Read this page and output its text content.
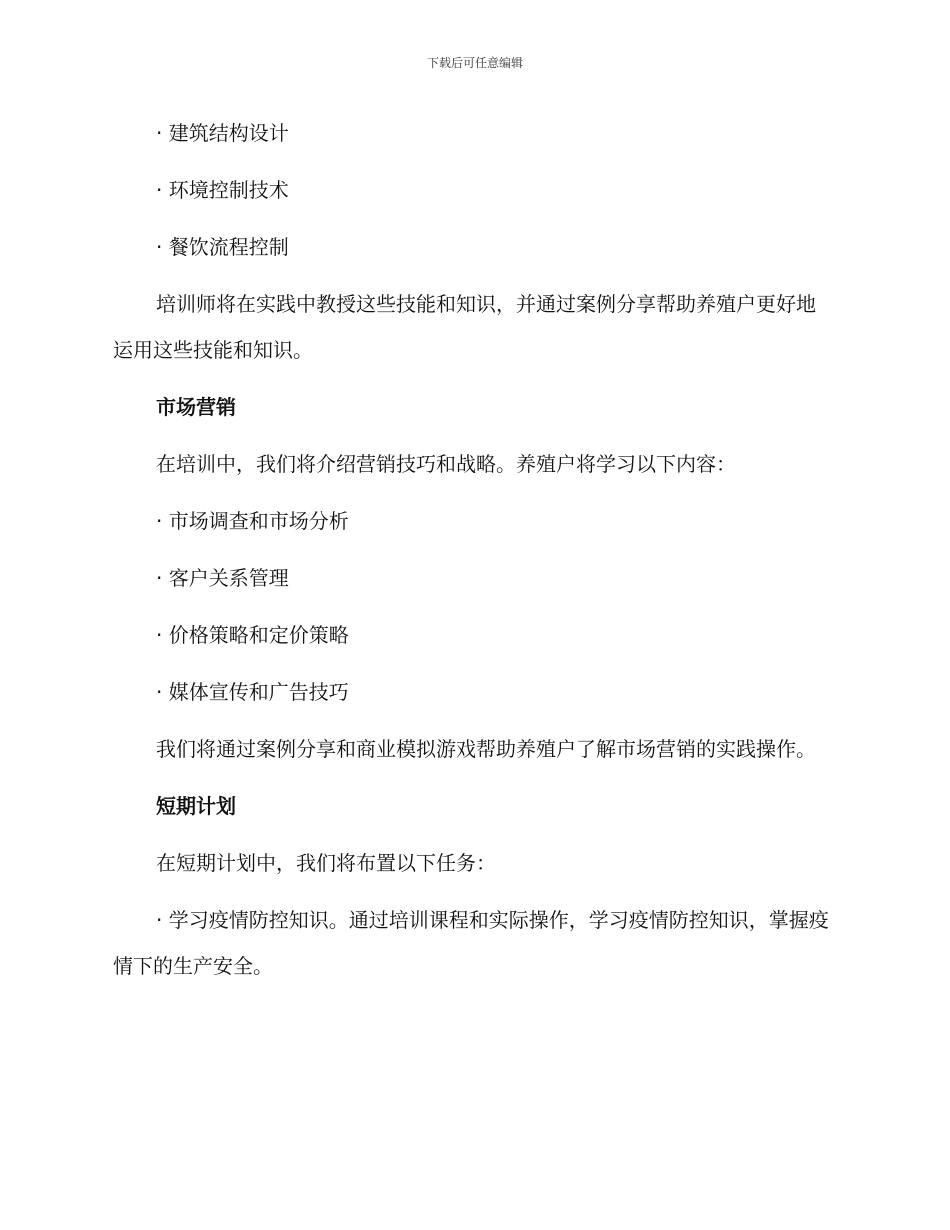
下载后可任意编辑

· 建筑结构设计

· 环境控制技术

· 餐饮流程控制

培训师将在实践中教授这些技能和知识，并通过案例分享帮助养殖户更好地运用这些技能和知识。

市场营销

在培训中，我们将介绍营销技巧和战略。养殖户将学习以下内容：

· 市场调查和市场分析

· 客户关系管理

· 价格策略和定价策略

· 媒体宣传和广告技巧

我们将通过案例分享和商业模拟游戏帮助养殖户了解市场营销的实践操作。

短期计划

在短期计划中，我们将布置以下任务：

· 学习疫情防控知识。通过培训课程和实际操作，学习疫情防控知识，掌握疫情下的生产安全。
